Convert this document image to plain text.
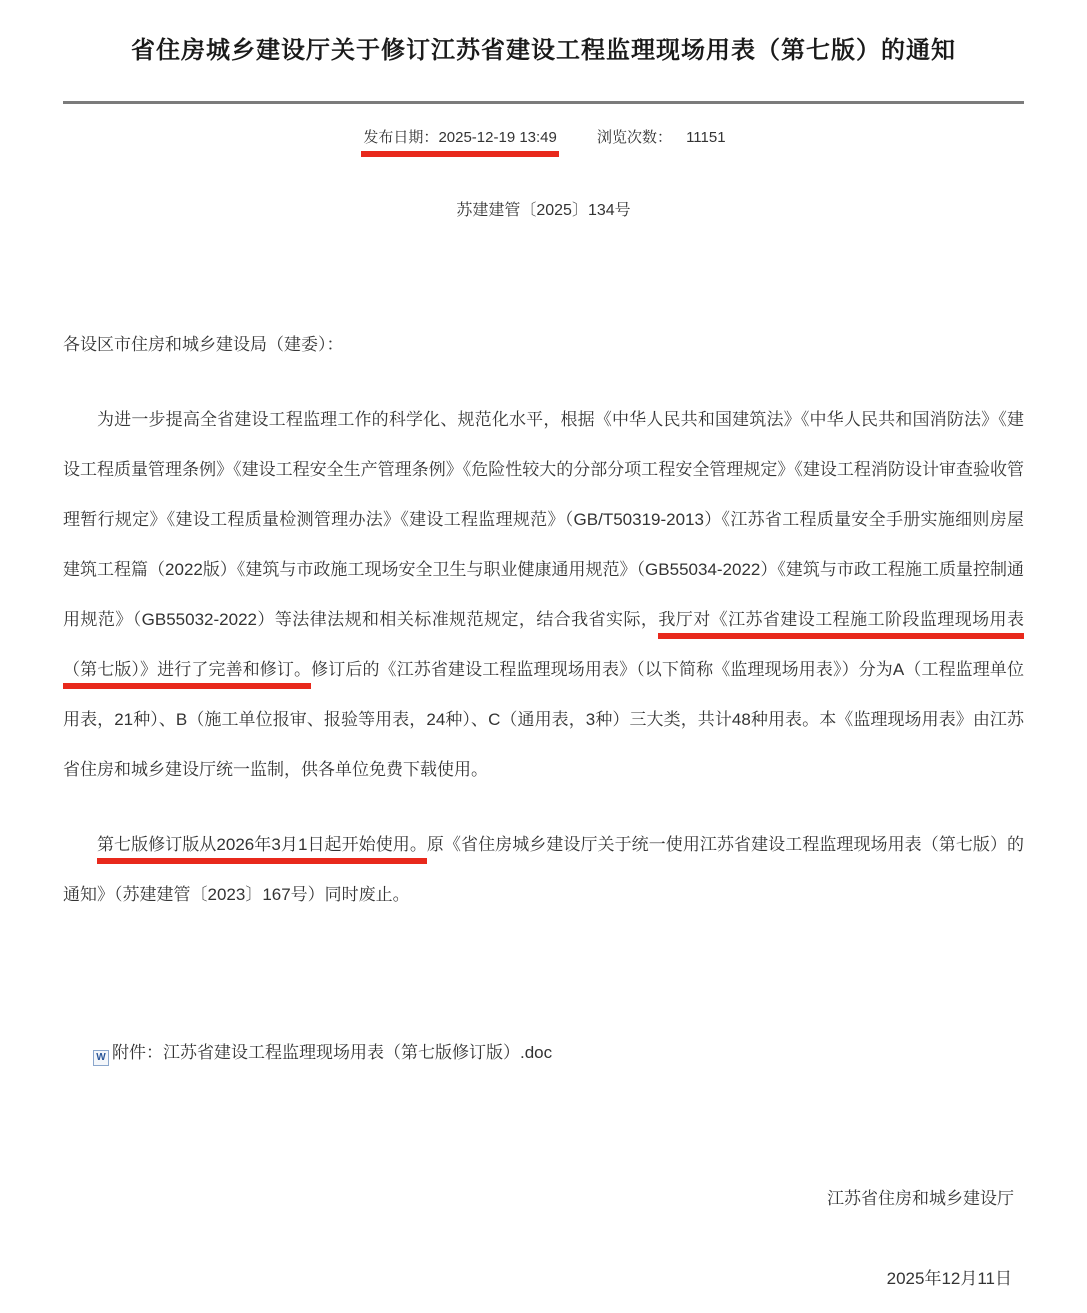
省住房城乡建设厅关于修订江苏省建设工程监理现场用表（第七版）的通知
发布日期：2025-12-19 13:49	浏览次数： 11151
苏建建管〔2025〕134号

各设区市住房和城乡建设局（建委）：

为进一步提高全省建设工程监理工作的科学化、规范化水平，根据《中华人民共和国建筑法》《中华人民共和国消防法》《建设工程质量管理条例》《建设工程安全生产管理条例》《危险性较大的分部分项工程安全管理规定》《建设工程消防设计审查验收管理暂行规定》《建设工程质量检测管理办法》《建设工程监理规范》（GB/T50319-2013）《江苏省工程质量安全手册实施细则房屋建筑工程篇（2022版）《建筑与市政施工现场安全卫生与职业健康通用规范》（GB55034-2022）《建筑与市政工程施工质量控制通用规范》（GB55032-2022）等法律法规和相关标准规范规定，结合我省实际，我厅对《江苏省建设工程施工阶段监理现场用表（第七版）》进行了完善和修订。修订后的《江苏省建设工程监理现场用表》（以下简称《监理现场用表》）分为A（工程监理单位用表，21种）、B（施工单位报审、报验等用表，24种）、C（通用表，3种）三大类，共计48种用表。本《监理现场用表》由江苏省住房和城乡建设厅统一监制，供各单位免费下载使用。

第七版修订版从2026年3月1日起开始使用。原《省住房城乡建设厅关于统一使用江苏省建设工程监理现场用表（第七版）的通知》（苏建建管〔2023〕167号）同时废止。

W 附件：江苏省建设工程监理现场用表（第七版修订版）.doc
江苏省住房和城乡建设厅
2025年12月11日
